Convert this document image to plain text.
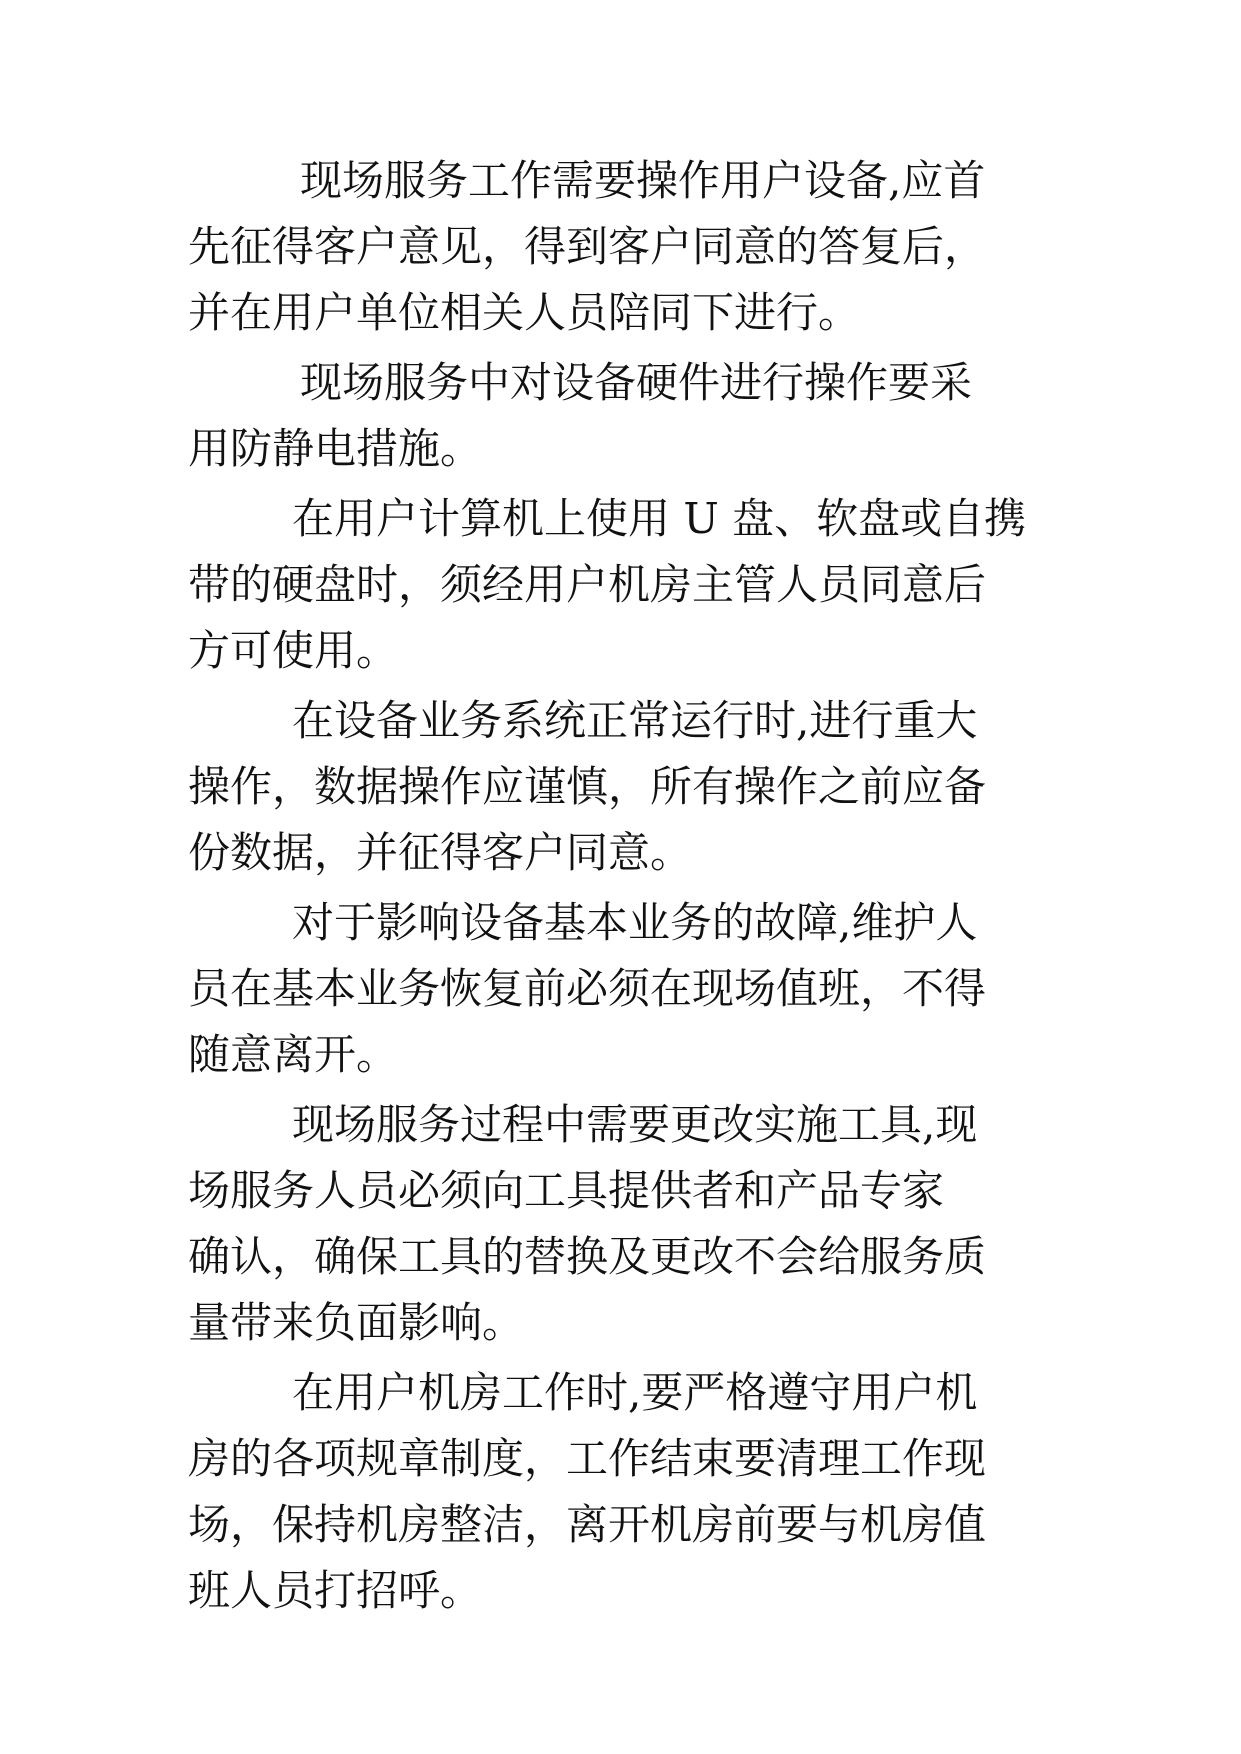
现场服务工作需要操作用户设备,应首
先征得客户意见，得到客户同意的答复后，
并在用户单位相关人员陪同下进行。

现场服务中对设备硬件进行操作要采
用防静电措施。

在用户计算机上使用 U 盘、软盘或自携
带的硬盘时，须经用户机房主管人员同意后
方可使用。

在设备业务系统正常运行时,进行重大
操作，数据操作应谨慎，所有操作之前应备
份数据，并征得客户同意。

对于影响设备基本业务的故障,维护人
员在基本业务恢复前必须在现场值班，不得
随意离开。

现场服务过程中需要更改实施工具,现
场服务人员必须向工具提供者和产品专家
确认，确保工具的替换及更改不会给服务质
量带来负面影响。

在用户机房工作时,要严格遵守用户机
房的各项规章制度，工作结束要清理工作现
场，保持机房整洁，离开机房前要与机房值
班人员打招呼。
